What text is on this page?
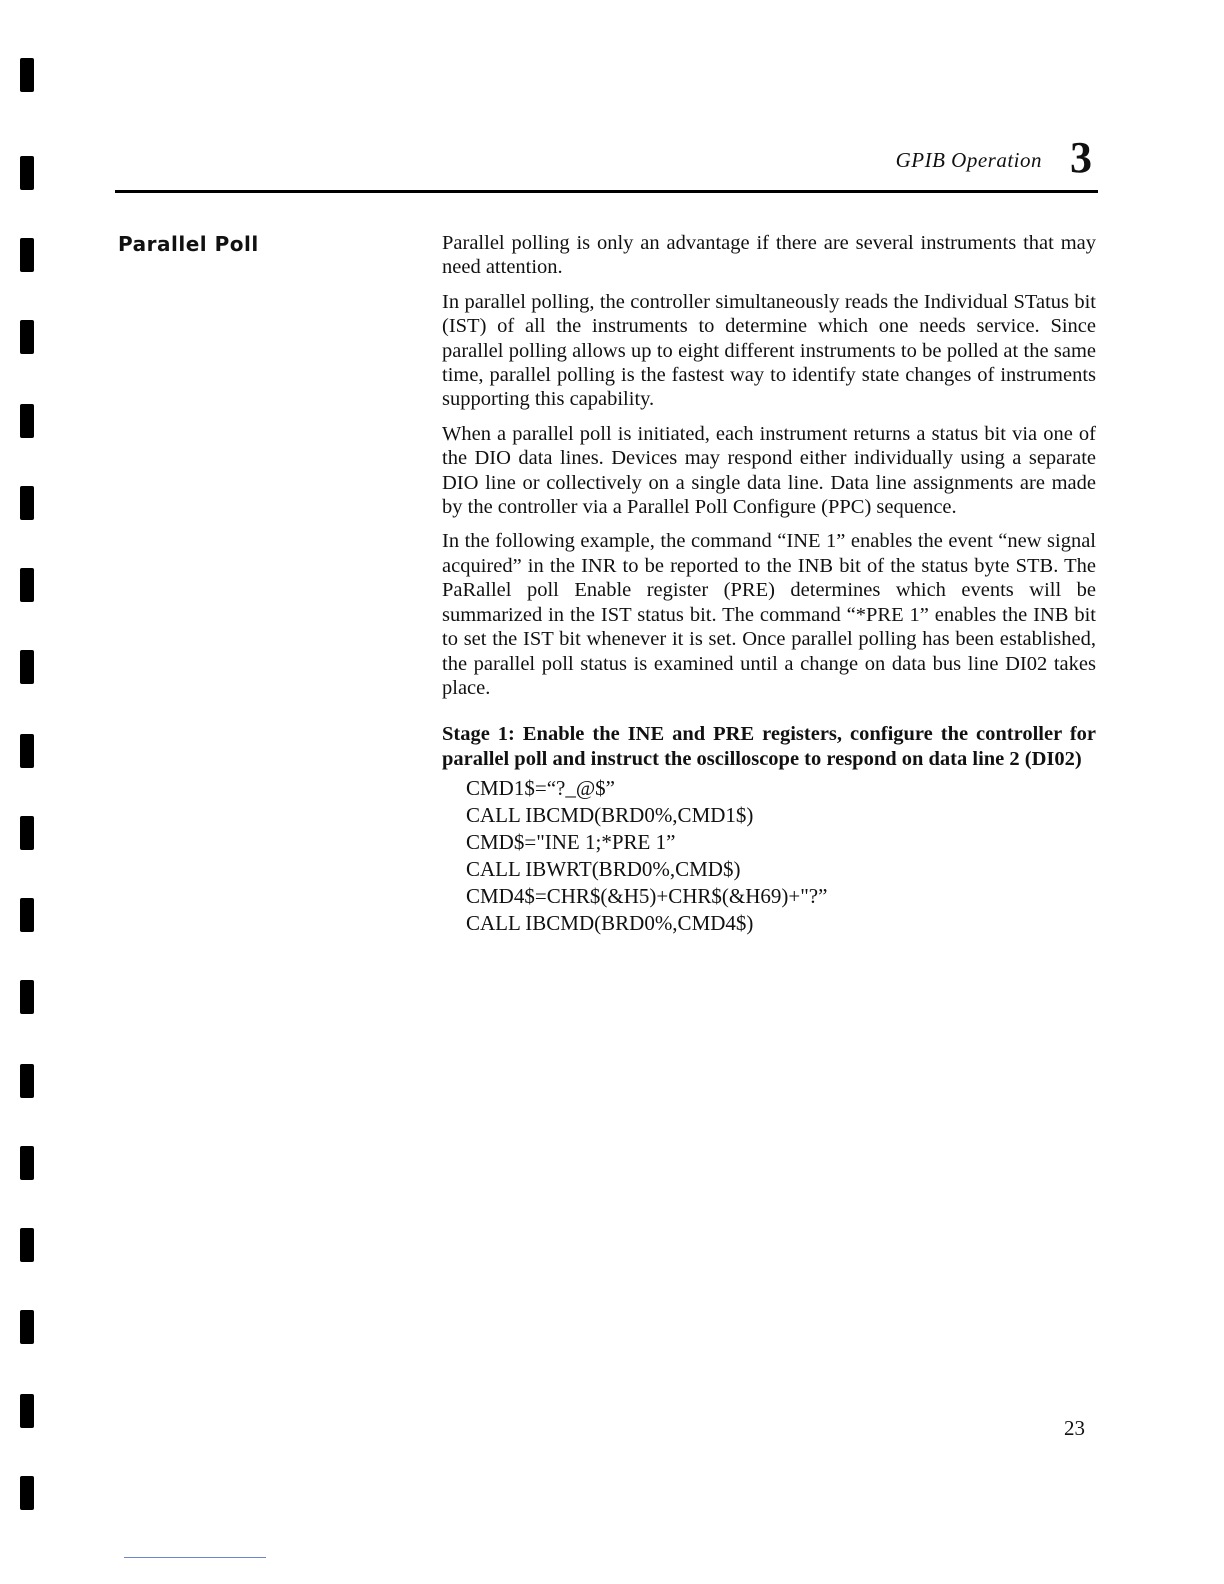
GPIB Operation 3
Parallel Poll	Parallel polling is only an advantage if there are several instruments that may need attention.

In parallel polling, the controller simultaneously reads the Individual STatus bit (IST) of all the instruments to determine which one needs service. Since parallel polling allows up to eight different instruments to be polled at the same time, parallel polling is the fastest way to identify state changes of instruments supporting this capability.

When a parallel poll is initiated, each instrument returns a status bit via one of the DIO data lines. Devices may respond either individually using a separate DIO line or collectively on a single data line. Data line assignments are made by the controller via a Parallel Poll Configure (PPC) sequence.

In the following example, the command “INE 1” enables the event “new signal acquired” in the INR to be reported to the INB bit of the status byte STB. The PaRallel poll Enable register (PRE) determines which events will be summarized in the IST status bit. The command “*PRE 1” enables the INB bit to set the IST bit whenever it is set. Once parallel polling has been established, the parallel poll status is examined until a change on data bus line DI02 takes place.

Stage 1: Enable the INE and PRE registers, configure the controller for parallel poll and instruct the oscilloscope to respond on data line 2 (DI02)

CMD1$=“?_@$”
CALL IBCMD(BRD0%,CMD1$)
CMD$="INE 1;*PRE 1”
CALL IBWRT(BRD0%,CMD$)
CMD4$=CHR$(&H5)+CHR$(&H69)+"?”
CALL IBCMD(BRD0%,CMD4$)
23
